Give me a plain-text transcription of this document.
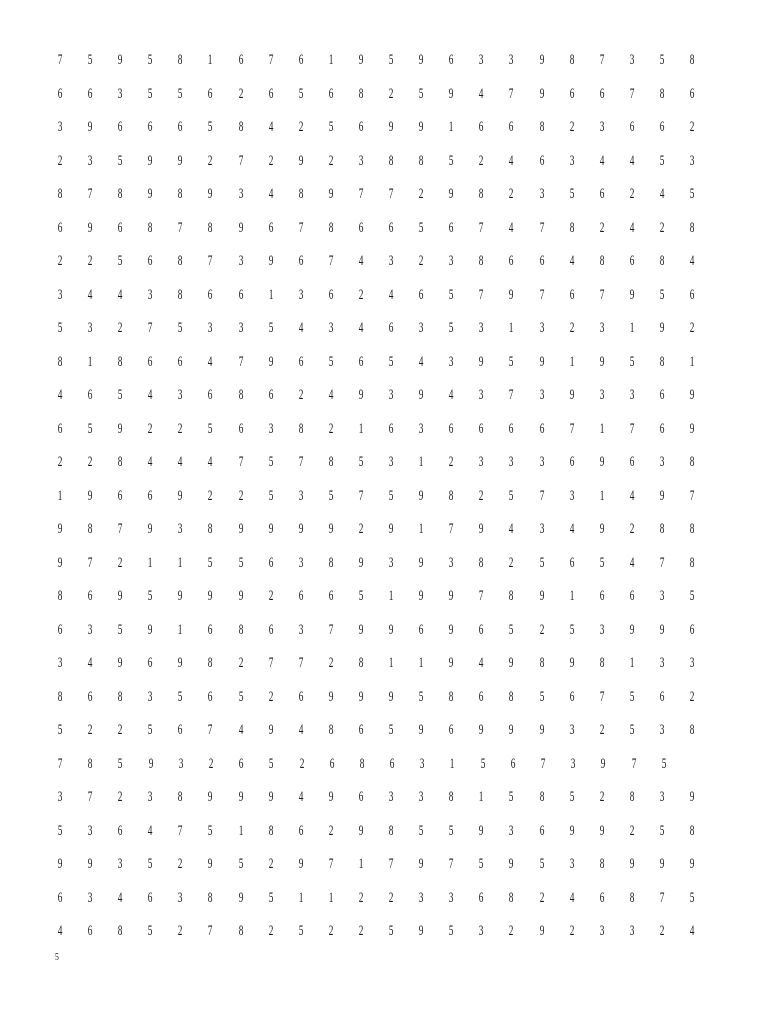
7	5	9	5	8	1	6	7	6	1	9	5	9	6	3	3	9	8	7	3	5	8
6	6	3	5	5	6	2	6	5	6	8	2	5	9	4	7	9	6	6	7	8	6
3	9	6	6	6	5	8	4	2	5	6	9	9	1	6	6	8	2	3	6	6	2
2	3	5	9	9	2	7	2	9	2	3	8	8	5	2	4	6	3	4	4	5	3
8	7	8	9	8	9	3	4	8	9	7	7	2	9	8	2	3	5	6	2	4	5
6	9	6	8	7	8	9	6	7	8	6	6	5	6	7	4	7	8	2	4	2	8
2	2	5	6	8	7	3	9	6	7	4	3	2	3	8	6	6	4	8	6	8	4
3	4	4	3	8	6	6	1	3	6	2	4	6	5	7	9	7	6	7	9	5	6
5	3	2	7	5	3	3	5	4	3	4	6	3	5	3	1	3	2	3	1	9	2
8	1	8	6	6	4	7	9	6	5	6	5	4	3	9	5	9	1	9	5	8	1
4	6	5	4	3	6	8	6	2	4	9	3	9	4	3	7	3	9	3	3	6	9
6	5	9	2	2	5	6	3	8	2	1	6	3	6	6	6	6	7	1	7	6	9
2	2	8	4	4	4	7	5	7	8	5	3	1	2	3	3	3	6	9	6	3	8
1	9	6	6	9	2	2	5	3	5	7	5	9	8	2	5	7	3	1	4	9	7
9	8	7	9	3	8	9	9	9	9	2	9	1	7	9	4	3	4	9	2	8	8
9	7	2	1	1	5	5	6	3	8	9	3	9	3	8	2	5	6	5	4	7	8
8	6	9	5	9	9	9	2	6	6	5	1	9	9	7	8	9	1	6	6	3	5
6	3	5	9	1	6	8	6	3	7	9	9	6	9	6	5	2	5	3	9	9	6
3	4	9	6	9	8	2	7	7	2	8	1	1	9	4	9	8	9	8	1	3	3
8	6	8	3	5	6	5	2	6	9	9	9	5	8	6	8	5	6	7	5	6	2
5	2	2	5	6	7	4	9	4	8	6	5	9	6	9	9	9	3	2	5	3	8
7	8	5	9	3	2	6	5	2	6	8	6	3	1	5	6	7	3	9	7	5
3	7	2	3	8	9	9	9	4	9	6	3	3	8	1	5	8	5	2	8	3	9
5	3	6	4	7	5	1	8	6	2	9	8	5	5	9	3	6	9	9	2	5	8
9	9	3	5	2	9	5	2	9	7	1	7	9	7	5	9	5	3	8	9	9	9
6	3	4	6	3	8	9	5	1	1	2	2	3	3	6	8	2	4	6	8	7	5
4	6	8	5	2	7	8	2	5	2	2	5	9	5	3	2	9	2	3	3	2	4
5
